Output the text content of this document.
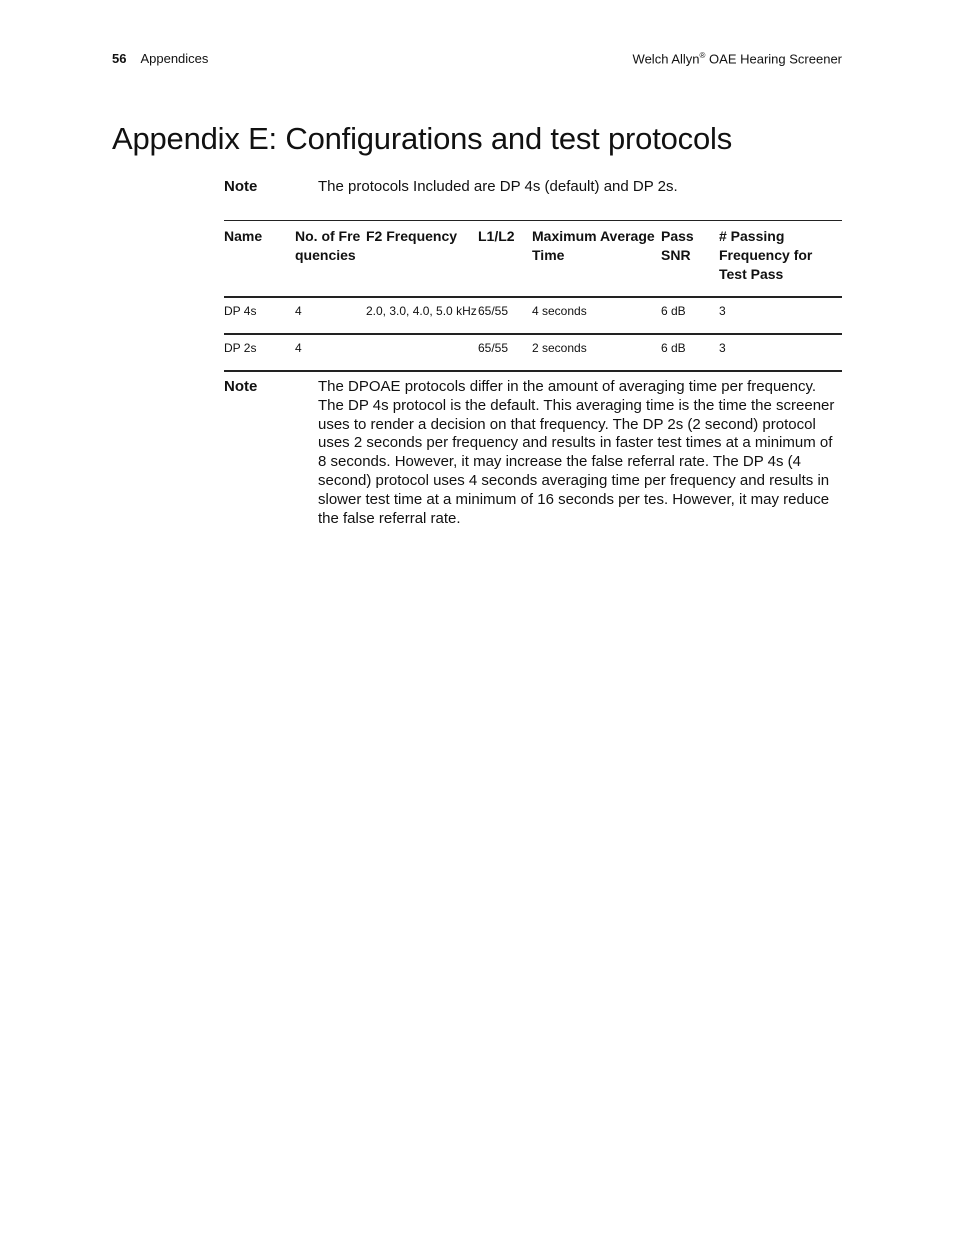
56 Appendices	Welch Allyn® OAE Hearing Screener
Appendix E: Configurations and test protocols
Note	The protocols Included are DP 4s (default) and DP 2s.
Name	No. of Frequencies	F2 Frequency	L1/L2	Maximum Average Time	Pass SNR	# Passing Frequency for Test Pass
DP 4s	4	2.0, 3.0, 4.0, 5.0 kHz	65/55	4 seconds	6 dB	3
DP 2s	4		65/55	2 seconds	6 dB	3
Note	The DPOAE protocols differ in the amount of averaging time per frequency. The DP 4s protocol is the default. This averaging time is the time the screener uses to render a decision on that frequency. The DP 2s (2 second) protocol uses 2 seconds per frequency and results in faster test times at a minimum of 8 seconds. However, it may increase the false referral rate. The DP 4s (4 second) protocol uses 4 seconds averaging time per frequency and results in slower test time at a minimum of 16 seconds per tes. However, it may reduce the false referral rate.
